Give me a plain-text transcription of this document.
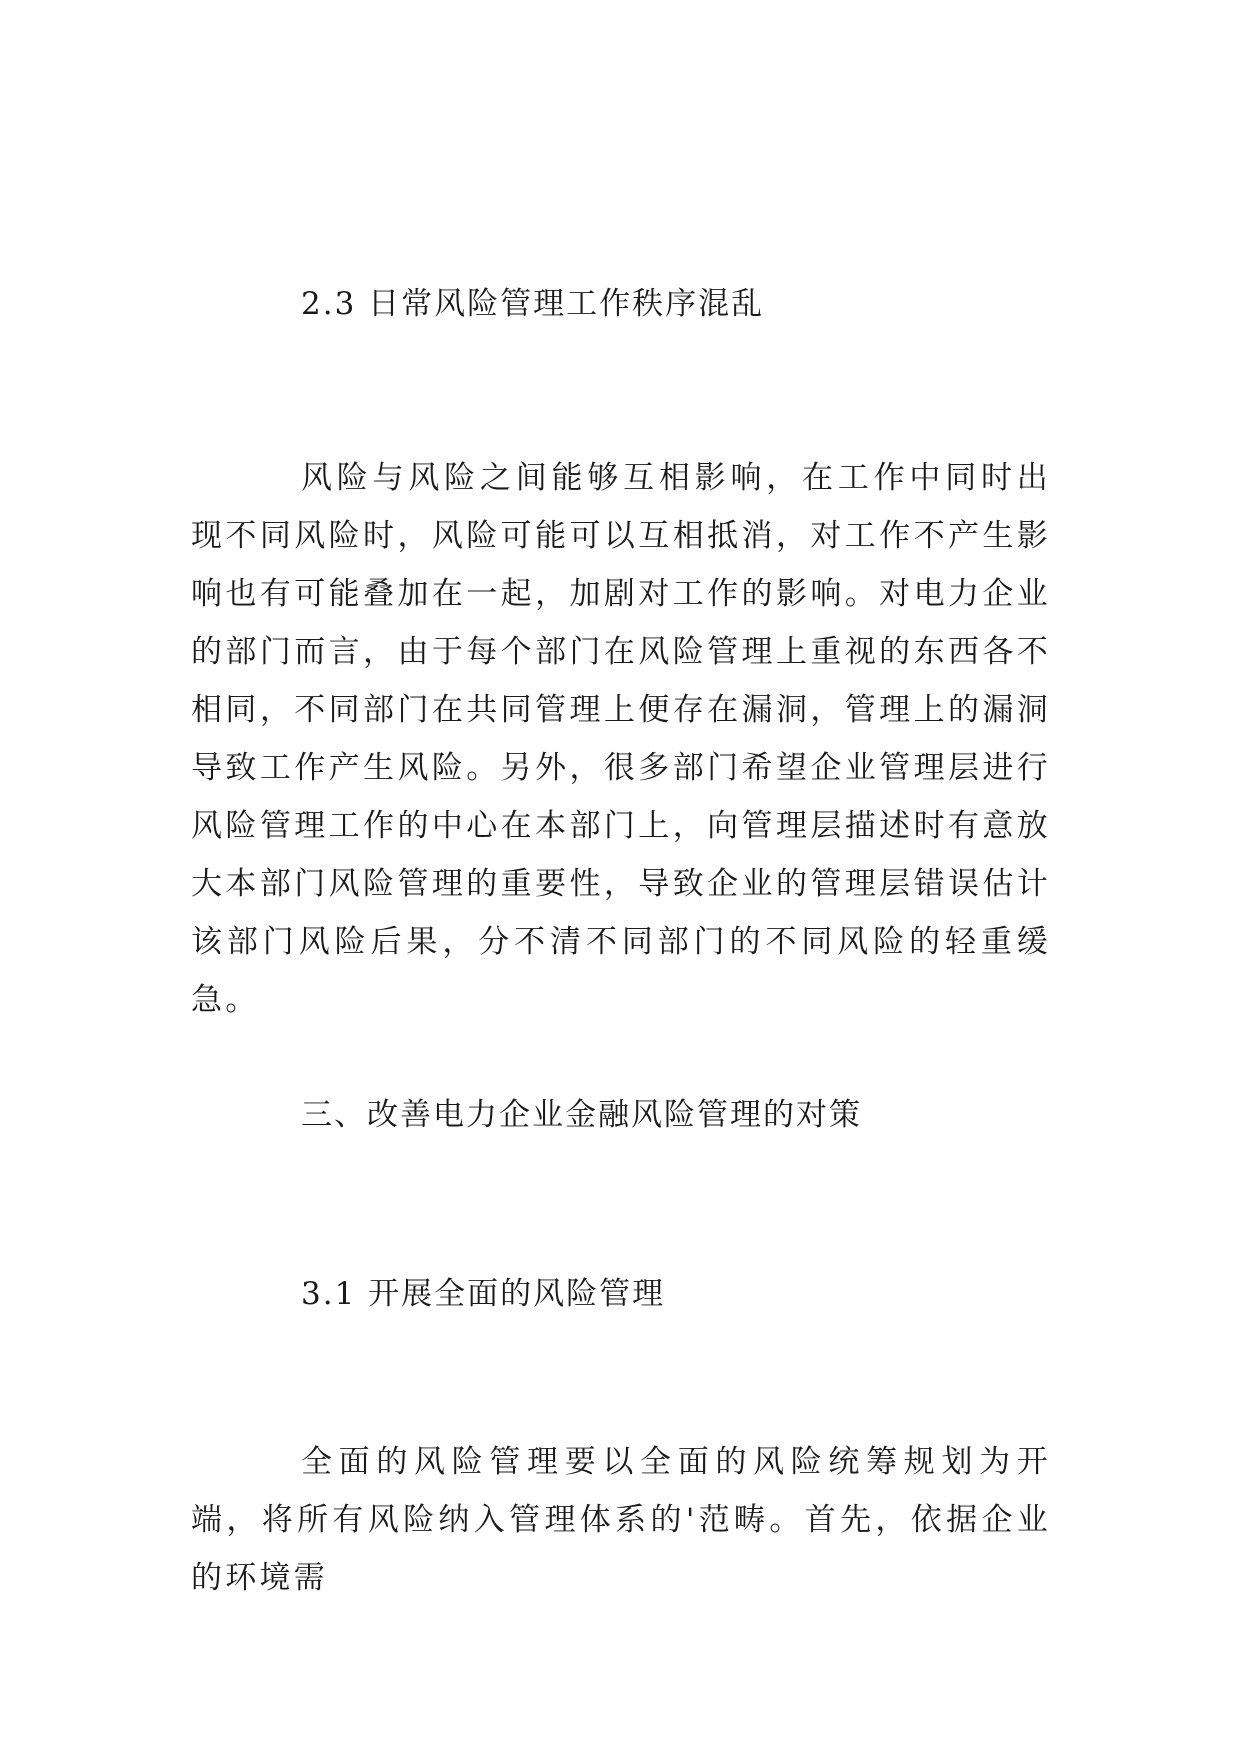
2.3 日常风险管理工作秩序混乱

风险与风险之间能够互相影响，在工作中同时出现不同风险时，风险可能可以互相抵消，对工作不产生影响也有可能叠加在一起，加剧对工作的影响。对电力企业的部门而言，由于每个部门在风险管理上重视的东西各不相同，不同部门在共同管理上便存在漏洞，管理上的漏洞导致工作产生风险。另外，很多部门希望企业管理层进行风险管理工作的中心在本部门上，向管理层描述时有意放大本部门风险管理的重要性，导致企业的管理层错误估计该部门风险后果，分不清不同部门的不同风险的轻重缓急。

三、改善电力企业金融风险管理的对策
3.1 开展全面的风险管理

全面的风险管理要以全面的风险统筹规划为开端，将所有风险纳入管理体系的'范畴。首先，依据企业的环境需
